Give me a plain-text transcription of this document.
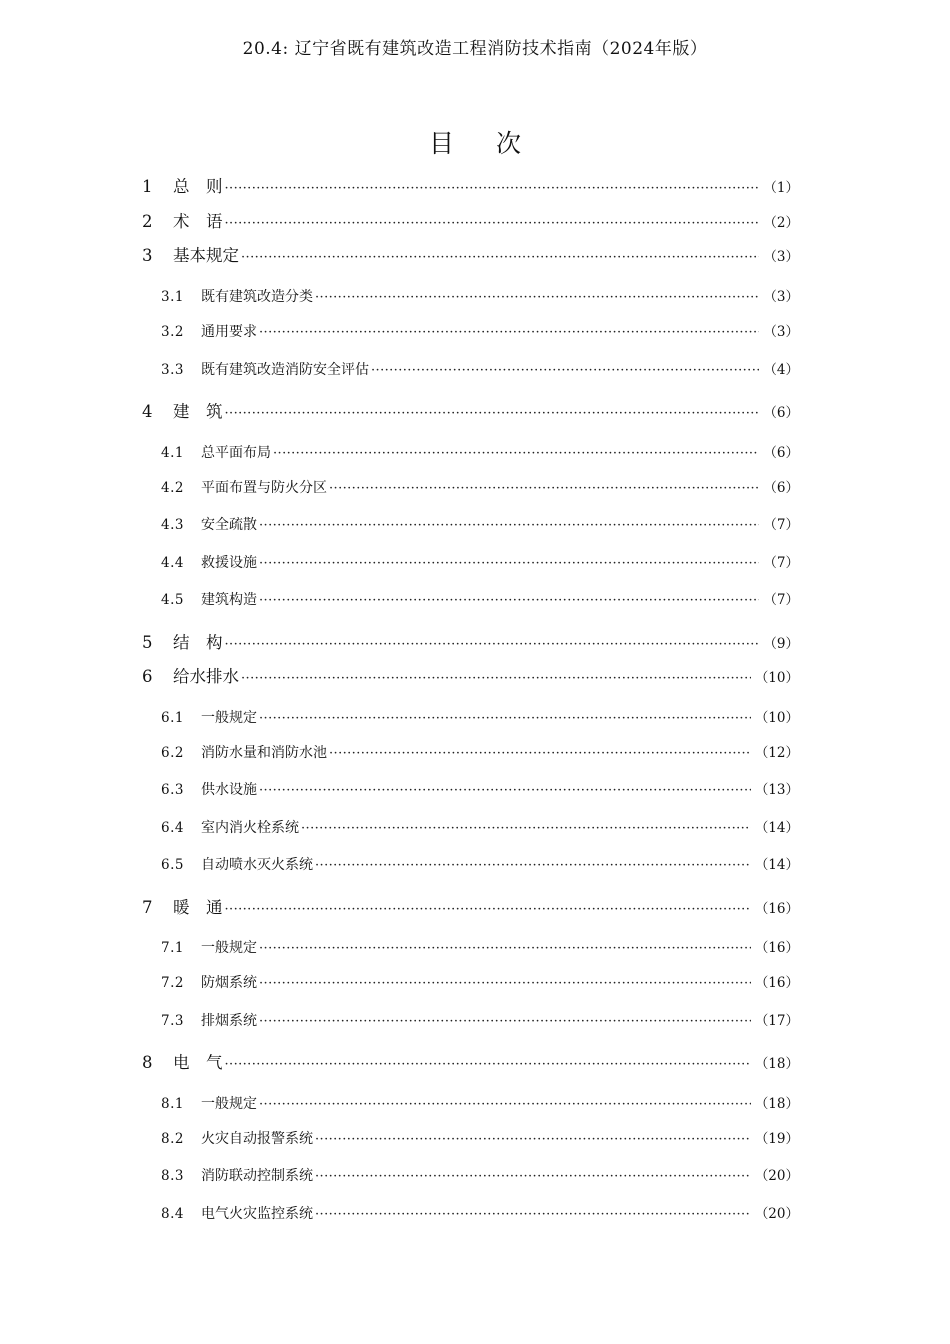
20.4: 辽宁省既有建筑改造工程消防技术指南（2024年版）
目 次
1	总　则 ·····	（1）
2	术　语 ·····	（2）
3	基本规定 ·····	（3）
3.1	既有建筑改造分类 ·····	（3）
3.2	通用要求 ·····	（3）
3.3	既有建筑改造消防安全评估 ·····	（4）
4	建　筑 ·····	（6）
4.1	总平面布局 ·····	（6）
4.2	平面布置与防火分区 ·····	（6）
4.3	安全疏散 ·····	（7）
4.4	救援设施 ·····	（7）
4.5	建筑构造 ·····	（7）
5	结　构 ·····	（9）
6	给水排水 ·····	（10）
6.1	一般规定 ·····	（10）
6.2	消防水量和消防水池 ·····	（12）
6.3	供水设施 ·····	（13）
6.4	室内消火栓系统 ·····	（14）
6.5	自动喷水灭火系统 ·····	（14）
7	暖　通 ·····	（16）
7.1	一般规定 ·····	（16）
7.2	防烟系统 ·····	（16）
7.3	排烟系统 ·····	（17）
8	电　气 ·····	（18）
8.1	一般规定 ·····	（18）
8.2	火灾自动报警系统 ·····	（19）
8.3	消防联动控制系统 ·····	（20）
8.4	电气火灾监控系统 ·····	（20）
